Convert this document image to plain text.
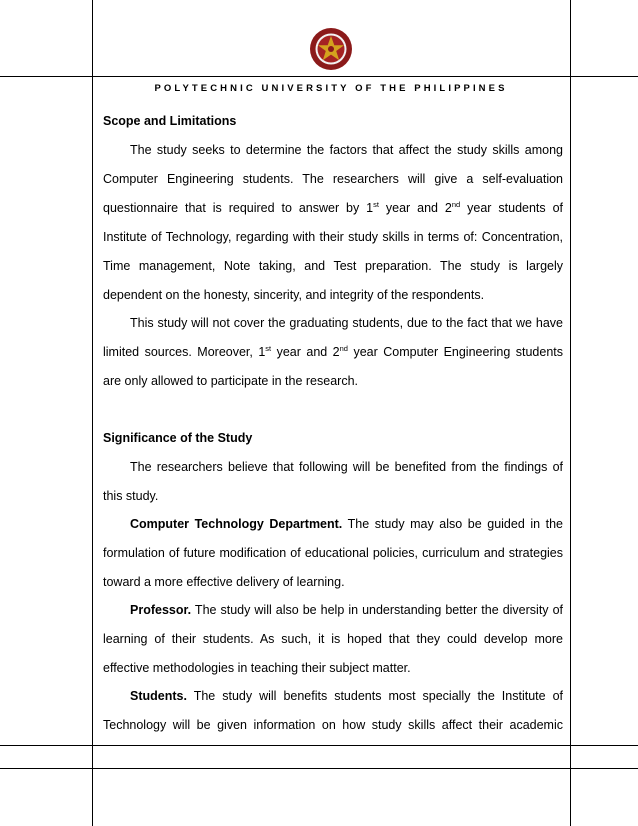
POLYTECHNIC UNIVERSITY OF THE PHILIPPINES
Scope and Limitations
The study seeks to determine the factors that affect the study skills among
Computer Engineering students. The researchers will give a self-evaluation
questionnaire that is required to answer by 1st year and 2nd year students of
Institute of Technology, regarding with their study skills in terms of: Concentration,
Time management, Note taking, and Test preparation. The study is largely
dependent on the honesty, sincerity, and integrity of the respondents.
This study will not cover the graduating students, due to the fact that we have
limited sources. Moreover, 1st year and 2nd year Computer Engineering students
are only allowed to participate in the research.
Significance of the Study
The researchers believe that following will be benefited from the findings of
this study.
Computer Technology Department. The study may also be guided in the
formulation of future modification of educational policies, curriculum and strategies
toward a more effective delivery of learning.
Professor. The study will also be help in understanding better the diversity of
learning of their students. As such, it is hoped that they could develop more
effective methodologies in teaching their subject matter.
Students. The study will benefits students most specially the Institute of
Technology will be given information on how study skills affect their academic
